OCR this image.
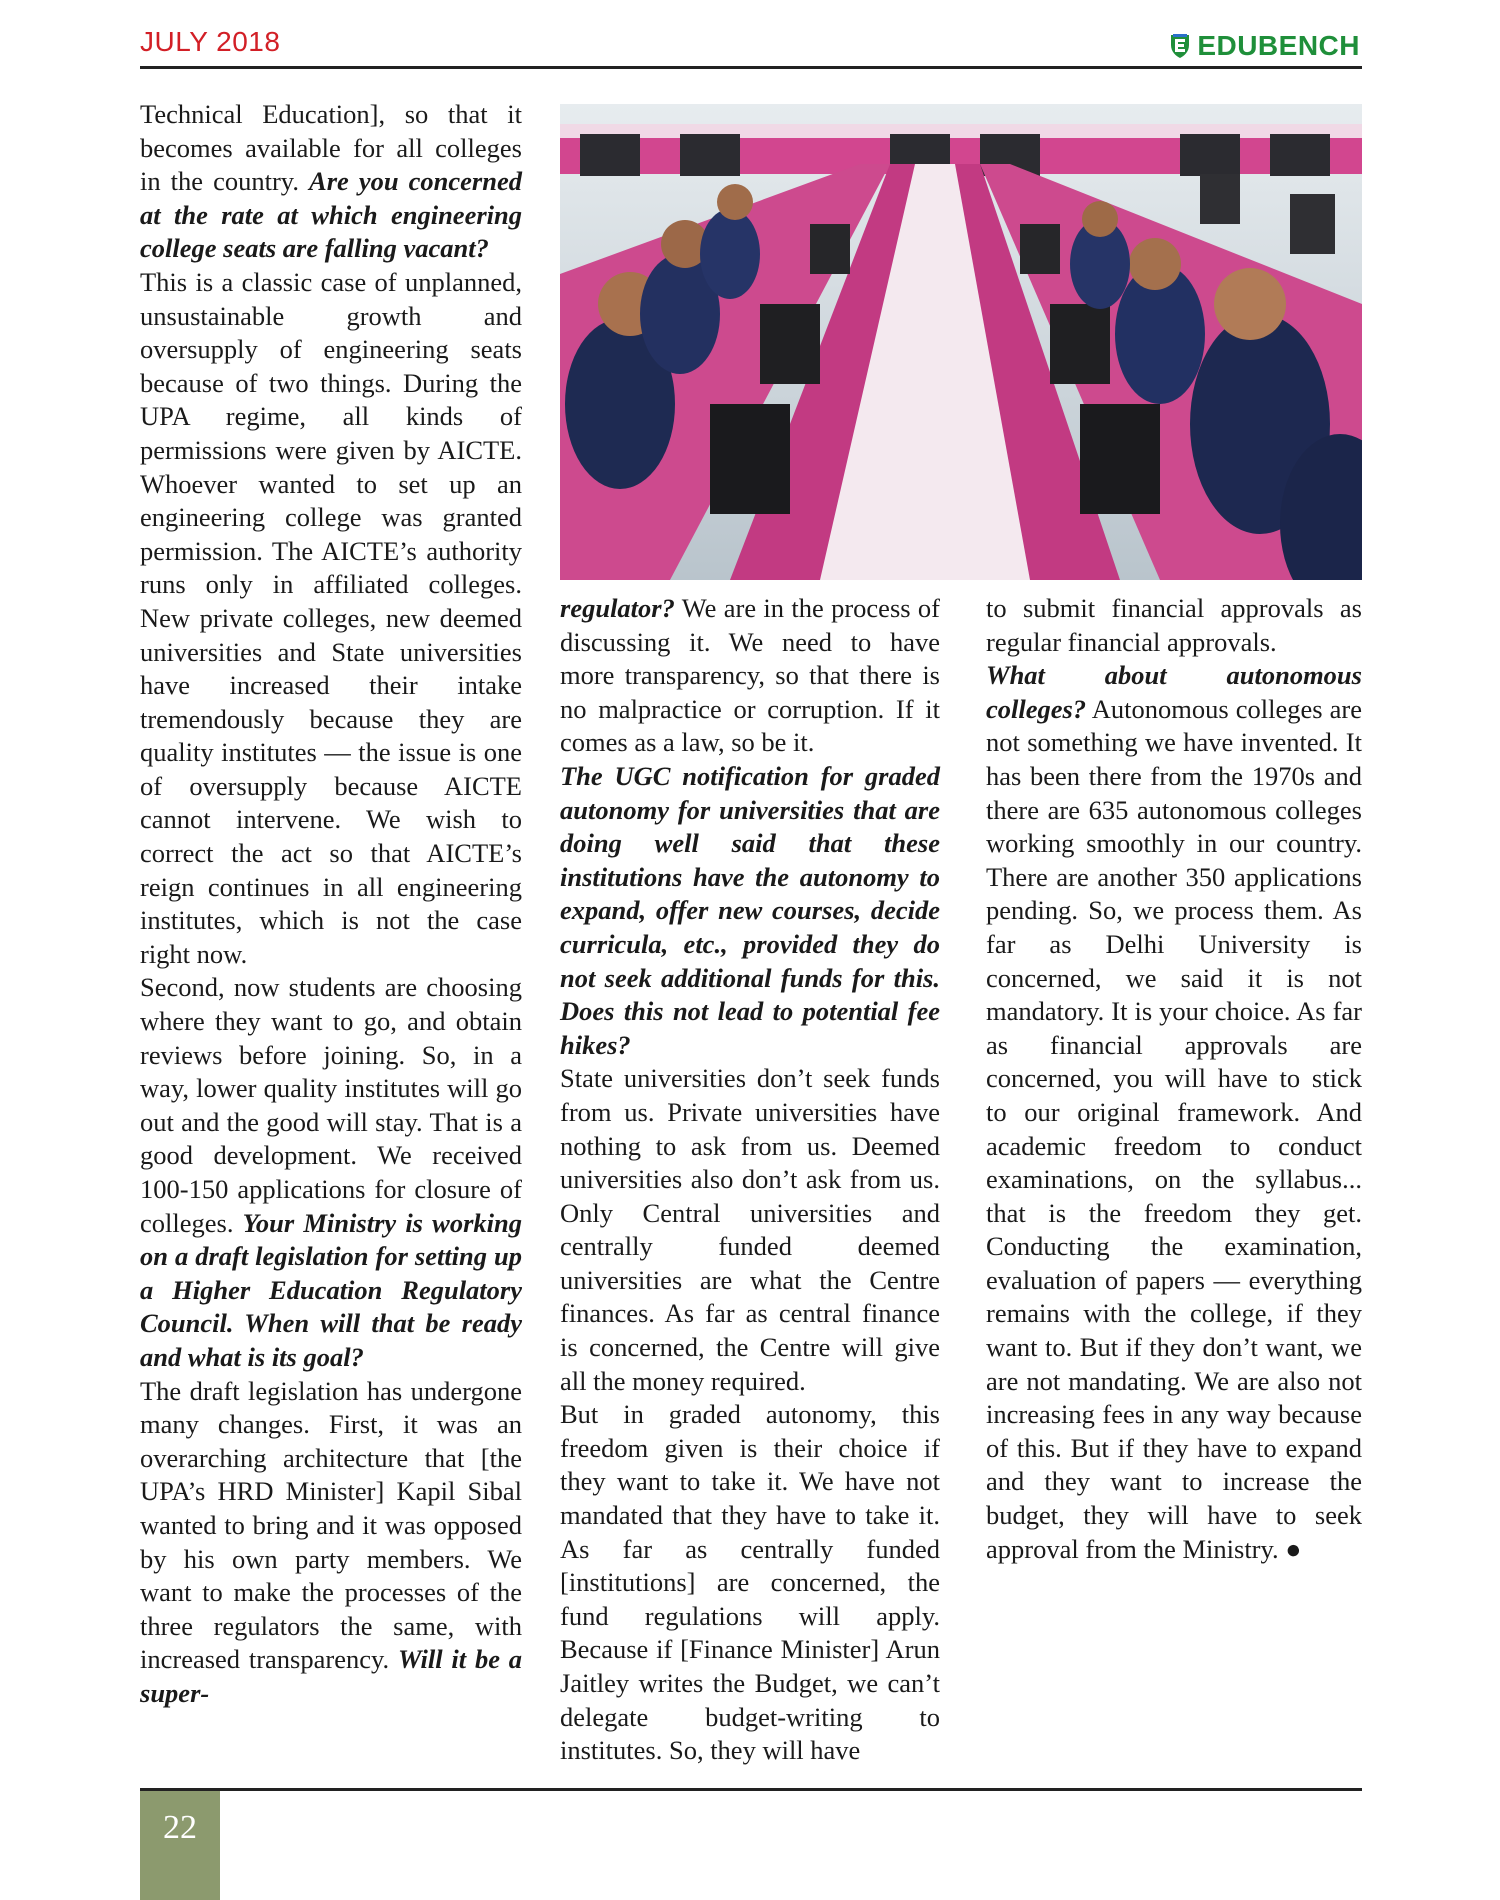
JULY 2018	EDUBENCH

Technical Education], so that it becomes available for all colleges in the country. Are you concerned at the rate at which engineering college seats are falling vacant?

This is a classic case of unplanned, unsustainable growth and oversupply of engineering seats because of two things. During the UPA regime, all kinds of permissions were given by AICTE. Whoever wanted to set up an engineering college was granted permission. The AICTE’s authority runs only in affiliated colleges. New private colleges, new deemed universities and State universities have increased their intake tremendously because they are quality institutes — the issue is one of oversupply because AICTE cannot intervene. We wish to correct the act so that AICTE’s reign continues in all engineering institutes, which is not the case right now.

Second, now students are choosing where they want to go, and obtain reviews before joining. So, in a way, lower quality institutes will go out and the good will stay. That is a good development. We received 100-150 applications for closure of colleges. Your Ministry is working on a draft legislation for setting up a Higher Education Regulatory Council. When will that be ready and what is its goal?

The draft legislation has undergone many changes. First, it was an overarching architecture that [the UPA’s HRD Minister] Kapil Sibal wanted to bring and it was opposed by his own party members. We want to make the processes of the three regulators the same, with increased transparency. Will it be a super-

regulator? We are in the process of discussing it. We need to have more transparency, so that there is no malpractice or corruption. If it comes as a law, so be it.

The UGC notification for graded autonomy for universities that are doing well said that these institutions have the autonomy to expand, offer new courses, decide curricula, etc., provided they do not seek additional funds for this. Does this not lead to potential fee hikes?

State universities don’t seek funds from us. Private universities have nothing to ask from us. Deemed universities also don’t ask from us. Only Central universities and centrally funded deemed universities are what the Centre finances. As far as central finance is concerned, the Centre will give all the money required.

But in graded autonomy, this freedom given is their choice if they want to take it. We have not mandated that they have to take it. As far as centrally funded [institutions] are concerned, the fund regulations will apply. Because if [Finance Minister] Arun Jaitley writes the Budget, we can’t delegate budget-writing to institutes. So, they will have

to submit financial approvals as regular financial approvals.

What about autonomous colleges? Autonomous colleges are not something we have invented. It has been there from the 1970s and there are 635 autonomous colleges working smoothly in our country. There are another 350 applications pending. So, we process them. As far as Delhi University is concerned, we said it is not mandatory. It is your choice. As far as financial approvals are concerned, you will have to stick to our original framework. And academic freedom to conduct examinations, on the syllabus... that is the freedom they get. Conducting the examination, evaluation of papers — everything remains with the college, if they want to. But if they don’t want, we are not mandating. We are also not increasing fees in any way because of this. But if they have to expand and they want to increase the budget, they will have to seek approval from the Ministry. ●

22
